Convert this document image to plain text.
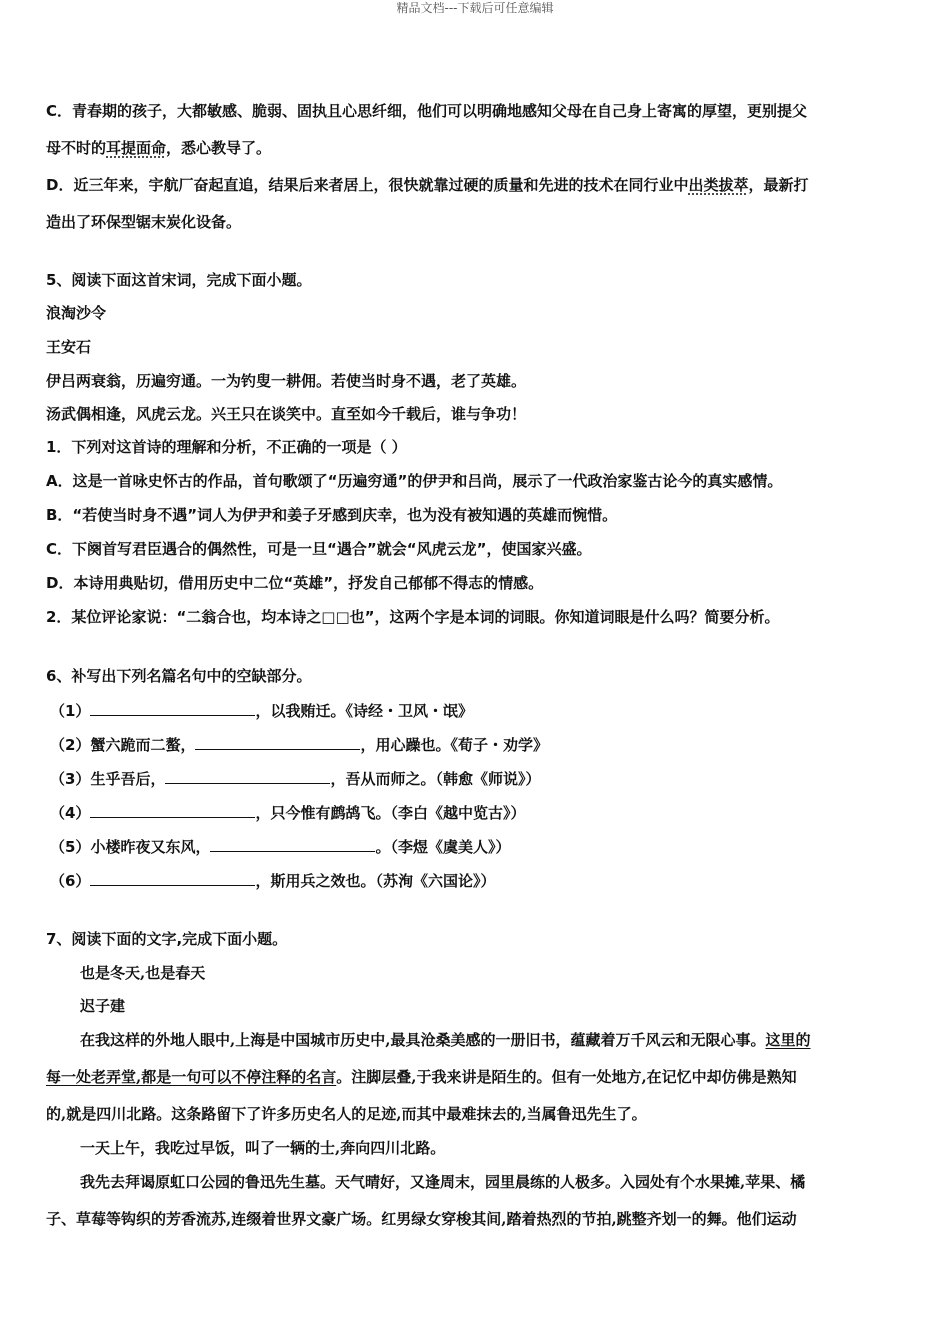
精品文档---下载后可任意编辑
C．青春期的孩子，大都敏感、脆弱、固执且心思纤细，他们可以明确地感知父母在自己身上寄寓的厚望，更别提父
母不时的耳提面命，悉心教导了。
D．近三年来，宇航厂奋起直追，结果后来者居上，很快就靠过硬的质量和先进的技术在同行业中出类拔萃，最新打
造出了环保型锯末炭化设备。
5、阅读下面这首宋词，完成下面小题。
浪淘沙令
王安石
伊吕两衰翁，历遍穷通。一为钓叟一耕佣。若使当时身不遇，老了英雄。
汤武偶相逢，风虎云龙。兴王只在谈笑中。直至如今千载后，谁与争功！
1．下列对这首诗的理解和分析，不正确的一项是（ ）
A．这是一首咏史怀古的作品，首句歌颂了“历遍穷通”的伊尹和吕尚，展示了一代政治家鉴古论今的真实感情。
B．“若使当时身不遇”词人为伊尹和姜子牙感到庆幸，也为没有被知遇的英雄而惋惜。
C．下阕首写君臣遇合的偶然性，可是一旦“遇合”就会“风虎云龙”，使国家兴盛。
D．本诗用典贴切，借用历史中二位“英雄”，抒发自己郁郁不得志的情感。
2．某位评论家说：“二翁合也，均本诗之□□也”，这两个字是本词的词眼。你知道词眼是什么吗？简要分析。
6、补写出下列名篇名句中的空缺部分。
（1）	，以我贿迁。《诗经・卫风・氓》
（2）蟹六跪而二螯，	，用心躁也。《荀子・劝学》
（3）生乎吾后，	，吾从而师之。（韩愈《师说》）
（4）	，只今惟有鹧鸪飞。（李白《越中览古》）
（5）小楼昨夜又东风，	。（李煜《虞美人》）
（6）	，斯用兵之效也。（苏洵《六国论》）
7、阅读下面的文字,完成下面小题。
也是冬天,也是春天
迟子建
在我这样的外地人眼中,上海是中国城市历史中,最具沧桑美感的一册旧书，蕴藏着万千风云和无限心事。这里的
每一处老弄堂,都是一句可以不停注释的名言。注脚层叠,于我来讲是陌生的。但有一处地方,在记忆中却仿佛是熟知
的,就是四川北路。这条路留下了许多历史名人的足迹,而其中最难抹去的,当属鲁迅先生了。
一天上午，我吃过早饭，叫了一辆的士,奔向四川北路。
我先去拜谒原虹口公园的鲁迅先生墓。天气晴好，又逢周末，园里晨练的人极多。入园处有个水果摊,苹果、橘
子、草莓等钩织的芳香流苏,连缀着世界文豪广场。红男绿女穿梭其间,踏着热烈的节拍,跳整齐划一的舞。他们运动
